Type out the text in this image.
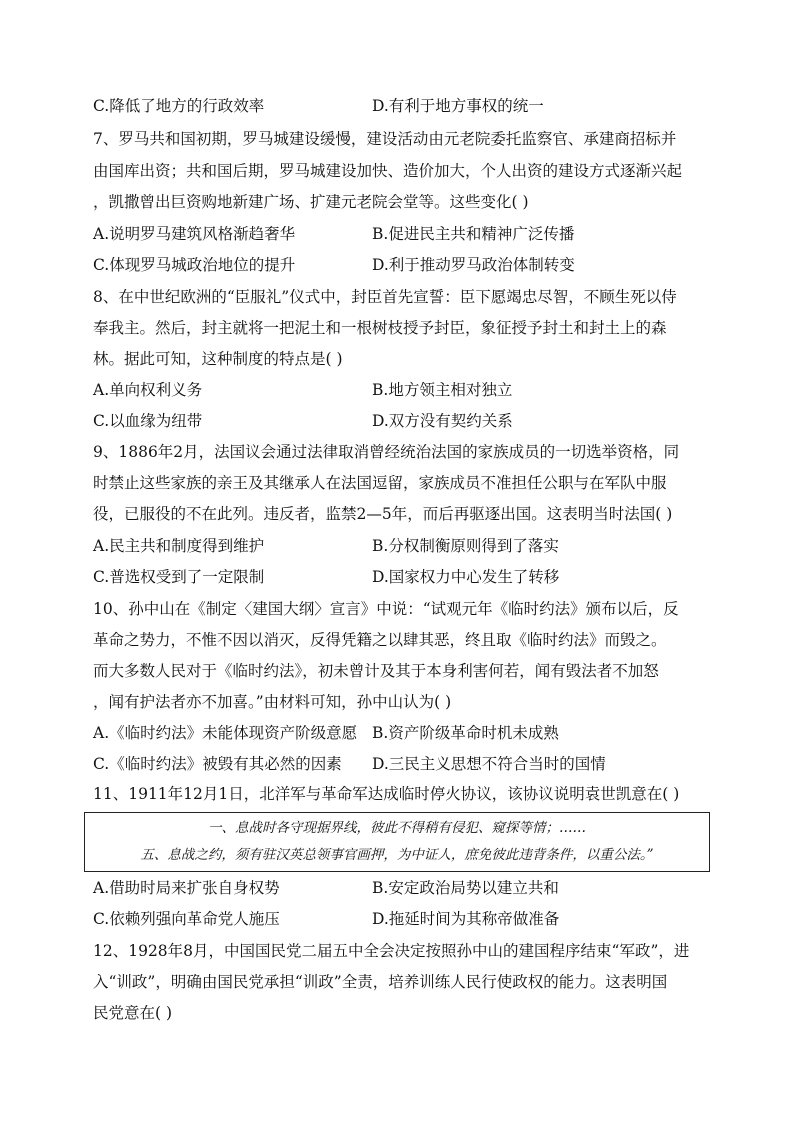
C.降低了地方的行政效率	D.有利于地方事权的统一
7、罗马共和国初期，罗马城建设缓慢，建设活动由元老院委托监察官、承建商招标并
由国库出资；共和国后期，罗马城建设加快、造价加大，个人出资的建设方式逐渐兴起
，凯撒曾出巨资购地新建广场、扩建元老院会堂等。这些变化( )
A.说明罗马建筑风格渐趋奢华	B.促进民主共和精神广泛传播
C.体现罗马城政治地位的提升	D.利于推动罗马政治体制转变
8、在中世纪欧洲的“臣服礼”仪式中，封臣首先宣誓：臣下愿竭忠尽智，不顾生死以侍
奉我主。然后，封主就将一把泥土和一根树枝授予封臣，象征授予封土和封土上的森
林。据此可知，这种制度的特点是( )
A.单向权利义务	B.地方领主相对独立
C.以血缘为纽带	D.双方没有契约关系
9、1886年2月，法国议会通过法律取消曾经统治法国的家族成员的一切选举资格，同
时禁止这些家族的亲王及其继承人在法国逗留，家族成员不准担任公职与在军队中服
役，已服役的不在此列。违反者，监禁2—5年，而后再驱逐出国。这表明当时法国( )
A.民主共和制度得到维护	B.分权制衡原则得到了落实
C.普选权受到了一定限制	D.国家权力中心发生了转移
10、孙中山在《制定〈建国大纲〉宣言》中说：“试观元年《临时约法》颁布以后，反
革命之势力，不惟不因以消灭，反得凭籍之以肆其恶，终且取《临时约法》而毁之。
而大多数人民对于《临时约法》，初未曾计及其于本身利害何若，闻有毁法者不加怒
，闻有护法者亦不加喜。”由材料可知，孙中山认为( )
A.《临时约法》未能体现资产阶级意愿 B.资产阶级革命时机未成熟
C.《临时约法》被毁有其必然的因素 D.三民主义思想不符合当时的国情
11、1911年12月1日，北洋军与革命军达成临时停火协议，该协议说明袁世凯意在( )
一、息战时各守现据界线，彼此不得稍有侵犯、窥探等情；……
五、息战之约，须有驻汉英总领事官画押，为中证人，庶免彼此违背条件，以重公法。”
A.借助时局来扩张自身权势	B.安定政治局势以建立共和
C.依赖列强向革命党人施压	D.拖延时间为其称帝做准备
12、1928年8月，中国国民党二届五中全会决定按照孙中山的建国程序结束“军政”，进
入“训政”，明确由国民党承担“训政”全责，培养训练人民行使政权的能力。这表明国
民党意在( )
